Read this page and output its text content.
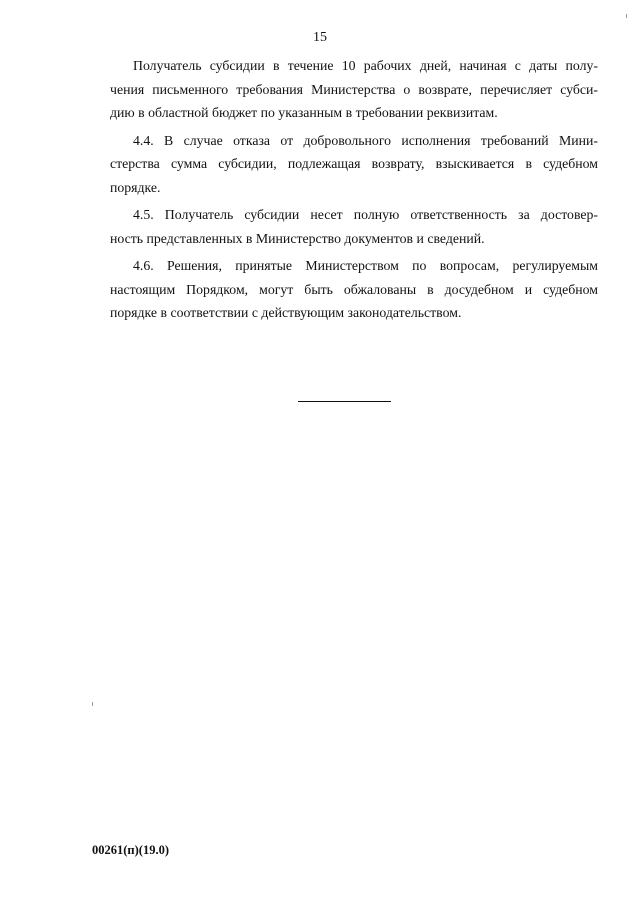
15

Получатель субсидии в течение 10 рабочих дней, начиная с даты полу-
чения письменного требования Министерства о возврате, перечисляет субси-
дию в областной бюджет по указанным в требовании реквизитам.

4.4. В случае отказа от добровольного исполнения требований Мини-
стерства сумма субсидии, подлежащая возврату, взыскивается в судебном
порядке.

4.5. Получатель субсидии несет полную ответственность за достовер-
ность представленных в Министерство документов и сведений.

4.6. Решения, принятые Министерством по вопросам, регулируемым
настоящим Порядком, могут быть обжалованы в досудебном и судебном
порядке в соответствии с действующим законодательством.

00261(п)(19.0)
